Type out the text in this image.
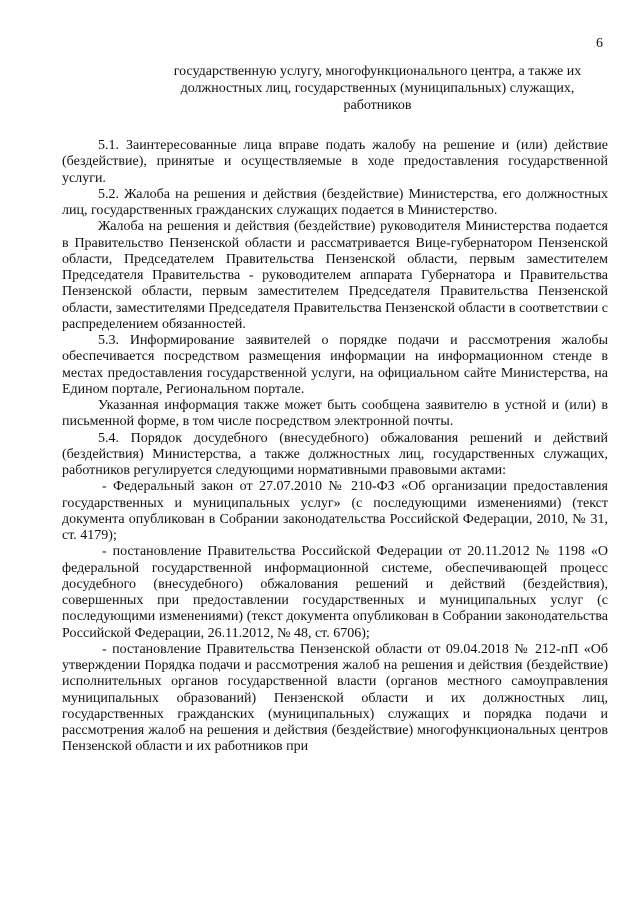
6

государственную услугу, многофункционального центра, а также их должностных лиц, государственных (муниципальных) служащих, работников

5.1. Заинтересованные лица вправе подать жалобу на решение и (или) действие (бездействие), принятые и осуществляемые в ходе предоставления государственной услуги.

5.2. Жалоба на решения и действия (бездействие) Министерства, его должностных лиц, государственных гражданских служащих подается в Министерство.

Жалоба на решения и действия (бездействие) руководителя Министерства подается в Правительство Пензенской области и рассматривается Вице-губернатором Пензенской области, Председателем Правительства Пензенской области, первым заместителем Председателя Правительства - руководителем аппарата Губернатора и Правительства Пензенской области, первым заместителем Председателя Правительства Пензенской области, заместителями Председателя Правительства Пензенской области в соответствии с распределением обязанностей.

5.3. Информирование заявителей о порядке подачи и рассмотрения жалобы обеспечивается посредством размещения информации на информационном стенде в местах предоставления государственной услуги, на официальном сайте Министерства, на Едином портале, Региональном портале.

Указанная информация также может быть сообщена заявителю в устной и (или) в письменной форме, в том числе посредством электронной почты.

5.4. Порядок досудебного (внесудебного) обжалования решений и действий (бездействия) Министерства, а также должностных лиц, государственных служащих, работников регулируется следующими нормативными правовыми актами:

- Федеральный закон от 27.07.2010 № 210-ФЗ «Об организации предоставления государственных и муниципальных услуг» (с последующими изменениями) (текст документа опубликован в Собрании законодательства Российской Федерации, 2010, № 31, ст. 4179);

- постановление Правительства Российской Федерации от 20.11.2012 № 1198 «О федеральной государственной информационной системе, обеспечивающей процесс досудебного (внесудебного) обжалования решений и действий (бездействия), совершенных при предоставлении государственных и муниципальных услуг (с последующими изменениями) (текст документа опубликован в Собрании законодательства Российской Федерации, 26.11.2012, № 48, ст. 6706);

- постановление Правительства Пензенской области от 09.04.2018 № 212-пП «Об утверждении Порядка подачи и рассмотрения жалоб на решения и действия (бездействие) исполнительных органов государственной власти (органов местного самоуправления муниципальных образований) Пензенской области и их должностных лиц, государственных гражданских (муниципальных) служащих и порядка подачи и рассмотрения жалоб на решения и действия (бездействие) многофункциональных центров Пензенской области и их работников при
